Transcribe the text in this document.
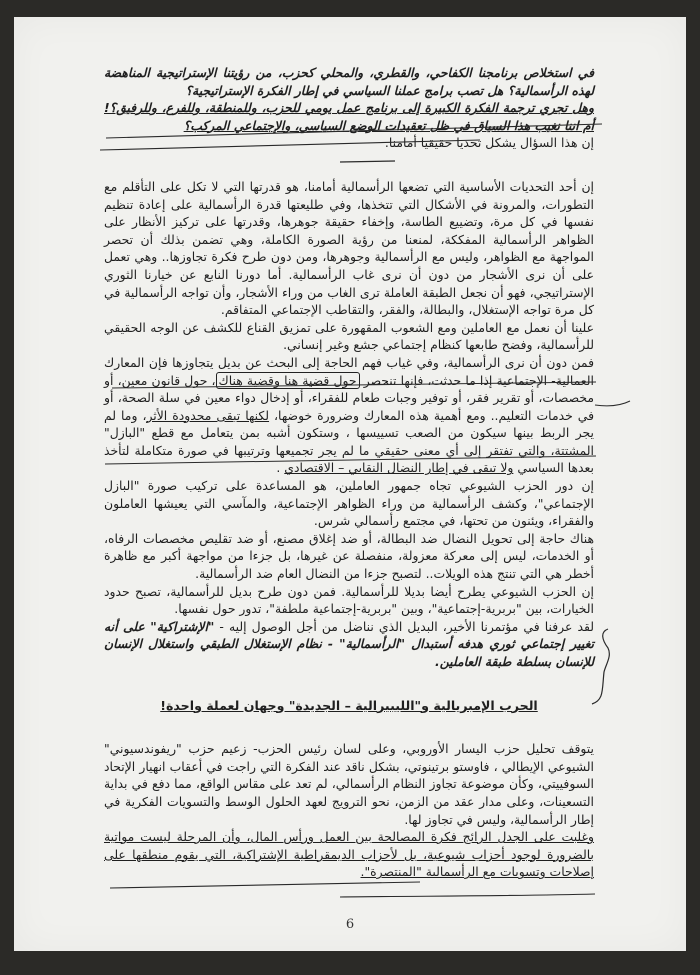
في استخلاص برنامجنا الكفاحي، والقطري، والمحلي كحزب، من رؤيتنا الإستراتيجية المناهضة لهذه الرأسمالية؟ هل تصب برامج عملنا السياسي في إطار الفكرة الإستراتيجية؟

وهل تجري ترجمة الفكرة الكبيرة إلى برنامج عمل يومي للحزب، وللمنطقة، وللفرع، وللرفيق؟! أم اننا نغيب هذا السياق في ظل تعقيدات الوضع السياسي، والإجتماعي المركب؟

إن هذا السؤال يشكل تحديا حقيقيا أمامنا.

إن أحد التحديات الأساسية التي تضعها الرأسمالية أمامنا، هو قدرتها التي لا تكل على التأقلم مع التطورات، والمرونة في الأشكال التي تتخذها، وفي طليعتها قدرة الرأسمالية على إعادة تنظيم نفسها في كل مرة، وتضييع الطاسة، وإخفاء حقيقة جوهرها، وقدرتها على تركيز الأنظار على الظواهر الرأسمالية المفككة، لمنعنا من رؤية الصورة الكاملة، وهي تضمن بذلك أن تحصر المواجهة مع الظواهر، وليس مع الرأسمالية وجوهرها، ومن دون طرح فكرة تجاوزها.. وهي تعمل على أن نرى الأشجار من دون أن نرى غاب الرأسمالية. أما دورنا النابع عن خيارنا الثوري الإستراتيجي، فهو أن نجعل الطبقة العاملة ترى الغاب من وراء الأشجار، وأن تواجه الرأسمالية في كل مرة تواجه الإستغلال، والبطالة، والفقر، والتقاطب الإجتماعي المتفاقم.

علينا أن نعمل مع العاملين ومع الشعوب المقهورة على تمزيق القناع للكشف عن الوجه الحقيقي للرأسمالية، وفضح طابعها كنظام إجتماعي جشع وغير إنساني.

فمن دون أن نرى الرأسمالية، وفي غياب فهم الحاجة إلى البحث عن بديل يتجاوزها فإن المعارك العمالية- الإجتماعية إذا ما حدثت، فإنها تنحصر حول قضية هنا وقضية هناك، حول قانون معين، أو مخصصات، أو تقرير فقر، أو توفير وجبات طعام للفقراء، أو إدخال دواء معين في سلة الصحة، أو في خدمات التعليم.. ومع أهمية هذه المعارك وضرورة خوضها، لكنها تبقى محدودة الأثر، وما لم يجر الربط بينها سيكون من الصعب تسييسها ، وستكون أشبه بمن يتعامل مع قطع "البازل" المشتتة، والتي تفتقر إلى أي معنى حقيقي ما لم يجر تجميعها وترتيبها في صورة متكاملة لتأخذ بعدها السياسي ولا تبقى في إطار النضال النقابي – الاقتصادي .

إن دور الحزب الشيوعي تجاه جمهور العاملين، هو المساعدة على تركيب صورة "البازل الإجتماعي"، وكشف الرأسمالية من وراء الظواهر الإجتماعية، والمآسي التي يعيشها العاملون والفقراء، ويئنون من تحتها، في مجتمع رأسمالي شرس.

هناك حاجة إلى تحويل النضال ضد البطالة، أو ضد إغلاق مصنع، أو ضد تقليص مخصصات الرفاه، أو الخدمات، ليس إلى معركة معزولة، منفصلة عن غيرها، بل جزءا من مواجهة أكبر مع ظاهرة أخطر هي التي تنتج هذه الويلات.. لتصبح جزءا من النضال العام ضد الرأسمالية.

إن الحزب الشيوعي يطرح أيضا بديلا للرأسمالية. فمن دون طرح بديل للرأسمالية، تصبح حدود الخيارات، بين "بربرية-إجتماعية"، وبين "بربرية-إجتماعية ملطفة"، تدور حول نفسها.

لقد عرفنا في مؤتمرنا الأخير، البديل الذي نناضل من أجل الوصول إليه - "الإشتراكية" على أنه تغيير إجتماعي ثوري هدفه أستبدال "الرأسمالية" - نظام الإستغلال الطبقي واستغلال الإنسان للإنسان بسلطة طبقة العاملين.

الحرب الإمبريالية و"الليبيرالية – الجديدة" وجهان لعملة واحدة!

يتوقف تحليل حزب اليسار الأوروبي، وعلى لسان رئيس الحزب- زعيم حزب "ريفوندسيوني" الشيوعي الإيطالي ، فاوستو برتينوتي، بشكل ناقد عند الفكرة التي راجت في أعقاب انهيار الإتحاد السوفييتي، وكأن موضوعة تجاوز النظام الرأسمالي، لم تعد على مقاس الواقع، مما دفع في بداية التسعينات، وعلى مدار عقد من الزمن، نحو الترويج لعهد الحلول الوسط والتسويات الفكرية في إطار الرأسمالية، وليس في تجاوز لها.

وغلبت على الجدل الرائج فكرة المصالحة بين العمل ورأس المال، وأن المرحلة ليست مواتية بالضرورة لوجود أحزاب شيوعية، بل لأحزاب الديمقراطية الإشتراكية، التي يقوم منطقها على إصلاحات وتسويات مع الرأسمالية "المنتصرة".

6
